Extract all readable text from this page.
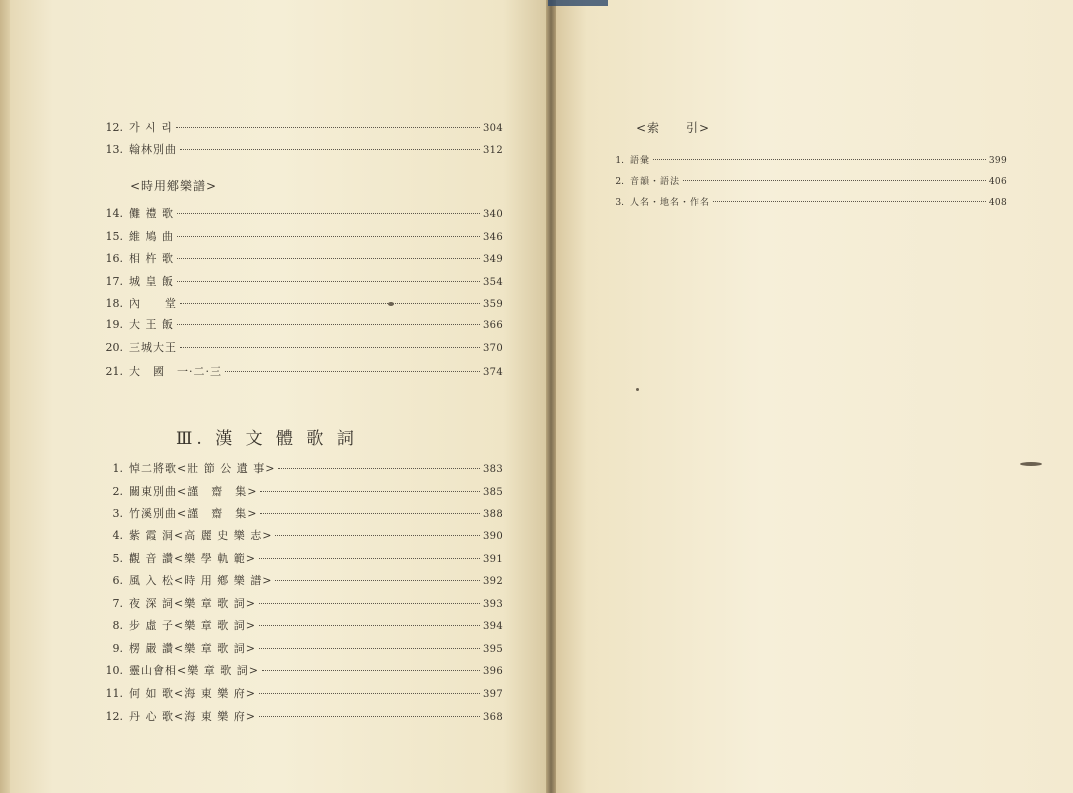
12. 가 시 리	304
13. 翰林別曲	312
<時用鄕樂譜>
14. 儺 禮 歌	340
15. 維 鳩 曲	346
16. 相 杵 歌	349
17. 城 皇 飯	354
18. 內　　堂	359
19. 大 王 飯	366
20. 三城大王	370
21. 大　國　一·二·三	374
Ⅲ. 漢 文 體 歌 詞
1. 悼二將歌<壯 節 公 遺 事>	383
2. 關東別曲<謹　齋　集>	385
3. 竹溪別曲<謹　齋　集>	388
4. 紫 霞 洞<高 麗 史 樂 志>	390
5. 觀 音 讚<樂 學 軌 範>	391
6. 風 入 松<時 用 鄕 樂 譜>	392
7. 夜 深 詞<樂 章 歌 詞>	393
8. 步 虛 子<樂 章 歌 詞>	394
9. 楞 嚴 讚<樂 章 歌 詞>	395
10. 靈山會相<樂 章 歌 詞>	396
11. 何 如 歌<海 東 樂 府>	397
12. 丹 心 歌<海 東 樂 府>	368
<索　　引>
1. 語彙	399
2. 音韻・語法	406
3. 人名・地名・作名	408
